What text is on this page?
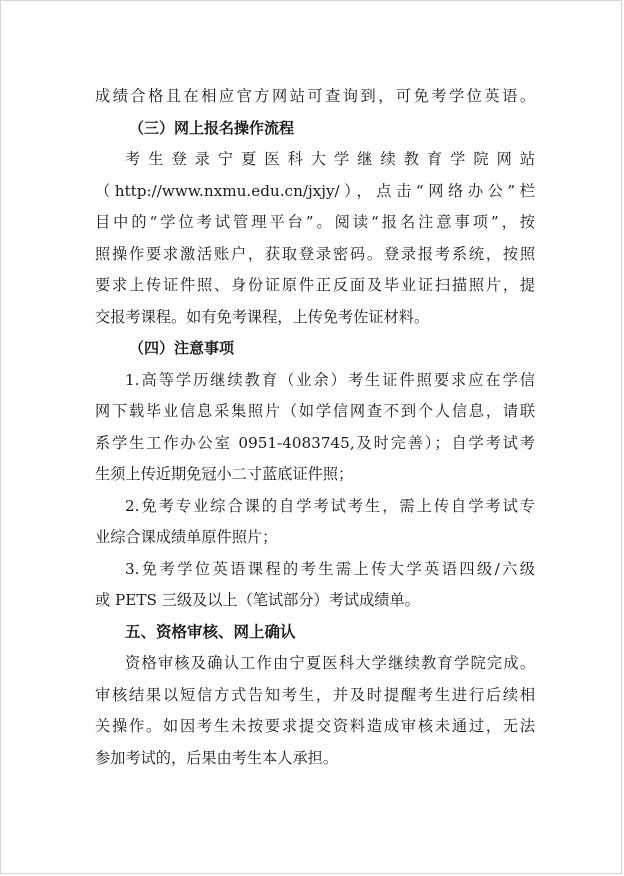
成绩合格且在相应官方网站可查询到，可免考学位英语。
（三）网上报名操作流程
考生登录宁夏医科大学继续教育学院网站
（http://www.nxmu.edu.cn/jxjy/），点击“网络办公”栏
目中的“学位考试管理平台”。阅读“报名注意事项”，按
照操作要求激活账户，获取登录密码。登录报考系统，按照
要求上传证件照、身份证原件正反面及毕业证扫描照片，提
交报考课程。如有免考课程，上传免考佐证材料。
（四）注意事项
1.高等学历继续教育（业余）考生证件照要求应在学信
网下载毕业信息采集照片（如学信网查不到个人信息，请联
系学生工作办公室 0951-4083745,及时完善）；自学考试考
生须上传近期免冠小二寸蓝底证件照；
2.免考专业综合课的自学考试考生，需上传自学考试专
业综合课成绩单原件照片；
3.免考学位英语课程的考生需上传大学英语四级/六级
或 PETS 三级及以上（笔试部分）考试成绩单。
五、资格审核、网上确认
资格审核及确认工作由宁夏医科大学继续教育学院完成。
审核结果以短信方式告知考生，并及时提醒考生进行后续相
关操作。如因考生未按要求提交资料造成审核未通过，无法
参加考试的，后果由考生本人承担。
